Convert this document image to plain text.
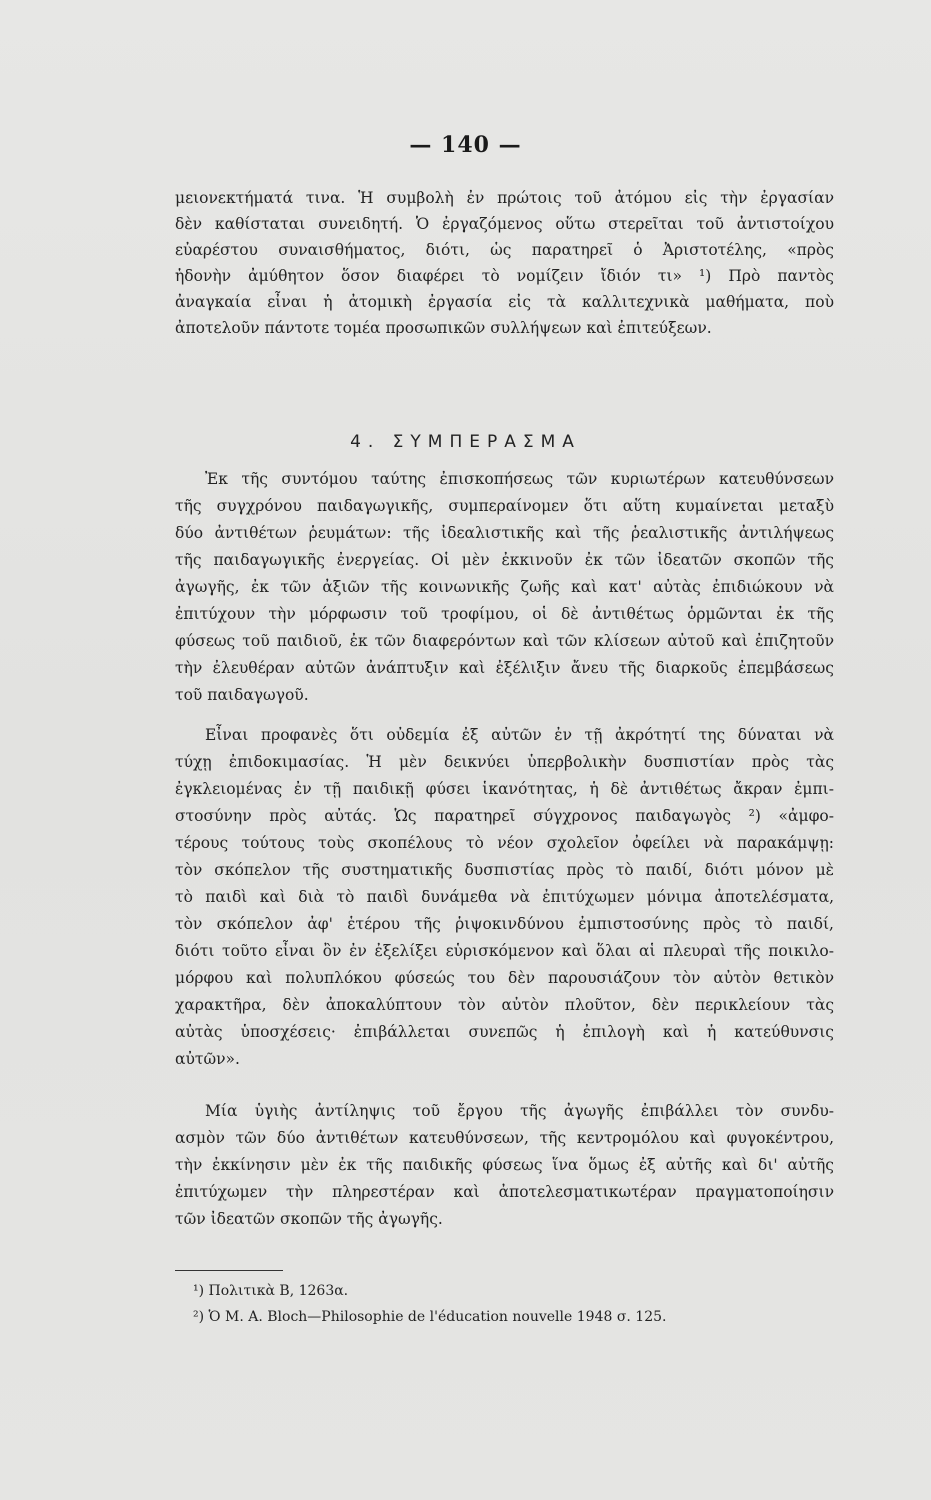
— 140 —
μειονεκτήματά τινα. Ἡ συμβολὴ ἐν πρώτοις τοῦ ἀτόμου εἰς τὴν ἐργασίαν
δὲν καθίσταται συνειδητή. Ὁ ἐργαζόμενος οὕτω στερεῖται τοῦ ἀντιστοίχου
εὐαρέστου συναισθήματος, διότι, ὡς παρατηρεῖ ὁ Ἀριστοτέλης, «πρὸς
ἡδονὴν ἀμύθητον ὅσον διαφέρει τὸ νομίζειν ἴδιόν τι» ¹) Πρὸ παντὸς
ἀναγκαία εἶναι ἡ ἀτομικὴ ἐργασία εἰς τὰ καλλιτεχνικὰ μαθήματα, ποὺ
ἀποτελοῦν πάντοτε τομέα προσωπικῶν συλλήψεων καὶ ἐπιτεύξεων.
4. ΣΥΜΠΕΡΑΣΜΑ
Ἐκ τῆς συντόμου ταύτης ἐπισκοπήσεως τῶν κυριωτέρων κατευθύνσεων
τῆς συγχρόνου παιδαγωγικῆς, συμπεραίνομεν ὅτι αὕτη κυμαίνεται μεταξὺ
δύο ἀντιθέτων ῥευμάτων: τῆς ἰδεαλιστικῆς καὶ τῆς ῥεαλιστικῆς ἀντιλήψεως
τῆς παιδαγωγικῆς ἐνεργείας. Οἱ μὲν ἐκκινοῦν ἐκ τῶν ἰδεατῶν σκοπῶν τῆς
ἀγωγῆς, ἐκ τῶν ἀξιῶν τῆς κοινωνικῆς ζωῆς καὶ κατ' αὐτὰς ἐπιδιώκουν νὰ
ἐπιτύχουν τὴν μόρφωσιν τοῦ τροφίμου, οἱ δὲ ἀντιθέτως ὁρμῶνται ἐκ τῆς
φύσεως τοῦ παιδιοῦ, ἐκ τῶν διαφερόντων καὶ τῶν κλίσεων αὐτοῦ καὶ ἐπιζητοῦν
τὴν ἐλευθέραν αὐτῶν ἀνάπτυξιν καὶ ἐξέλιξιν ἄνευ τῆς διαρκοῦς ἐπεμβάσεως
τοῦ παιδαγωγοῦ.
Εἶναι προφανὲς ὅτι οὐδεμία ἐξ αὐτῶν ἐν τῇ ἀκρότητί της δύναται νὰ
τύχῃ ἐπιδοκιμασίας. Ἡ μὲν δεικνύει ὑπερβολικὴν δυσπιστίαν πρὸς τὰς
ἐγκλειομένας ἐν τῇ παιδικῇ φύσει ἱκανότητας, ἡ δὲ ἀντιθέτως ἄκραν ἐμπι-
στοσύνην πρὸς αὐτάς. Ὡς παρατηρεῖ σύγχρονος παιδαγωγὸς ²) «ἀμφο-
τέρους τούτους τοὺς σκοπέλους τὸ νέον σχολεῖον ὀφείλει νὰ παρακάμψῃ:
τὸν σκόπελον τῆς συστηματικῆς δυσπιστίας πρὸς τὸ παιδί, διότι μόνον μὲ
τὸ παιδὶ καὶ διὰ τὸ παιδὶ δυνάμεθα νὰ ἐπιτύχωμεν μόνιμα ἀποτελέσματα,
τὸν σκόπελον ἀφ' ἑτέρου τῆς ῥιψοκινδύνου ἐμπιστοσύνης πρὸς τὸ παιδί,
διότι τοῦτο εἶναι ὂν ἐν ἐξελίξει εὑρισκόμενον καὶ ὅλαι αἱ πλευραὶ τῆς ποικιλο-
μόρφου καὶ πολυπλόκου φύσεώς του δὲν παρουσιάζουν τὸν αὐτὸν θετικὸν
χαρακτῆρα, δὲν ἀποκαλύπτουν τὸν αὐτὸν πλοῦτον, δὲν περικλείουν τὰς
αὐτὰς ὑποσχέσεις· ἐπιβάλλεται συνεπῶς ἡ ἐπιλογὴ καὶ ἡ κατεύθυνσις
αὐτῶν».
Μία ὑγιὴς ἀντίληψις τοῦ ἔργου τῆς ἀγωγῆς ἐπιβάλλει τὸν συνδυ-
ασμὸν τῶν δύο ἀντιθέτων κατευθύνσεων, τῆς κεντρομόλου καὶ φυγοκέντρου,
τὴν ἐκκίνησιν μὲν ἐκ τῆς παιδικῆς φύσεως ἵνα ὅμως ἐξ αὐτῆς καὶ δι' αὐτῆς
ἐπιτύχωμεν τὴν πληρεστέραν καὶ ἀποτελεσματικωτέραν πραγματοποίησιν
τῶν ἰδεατῶν σκοπῶν τῆς ἀγωγῆς.
¹) Πολιτικὰ Β, 1263α.
²) Ὁ Μ. A. Bloch—Philosophie de l'éducation nouvelle 1948 σ. 125.
